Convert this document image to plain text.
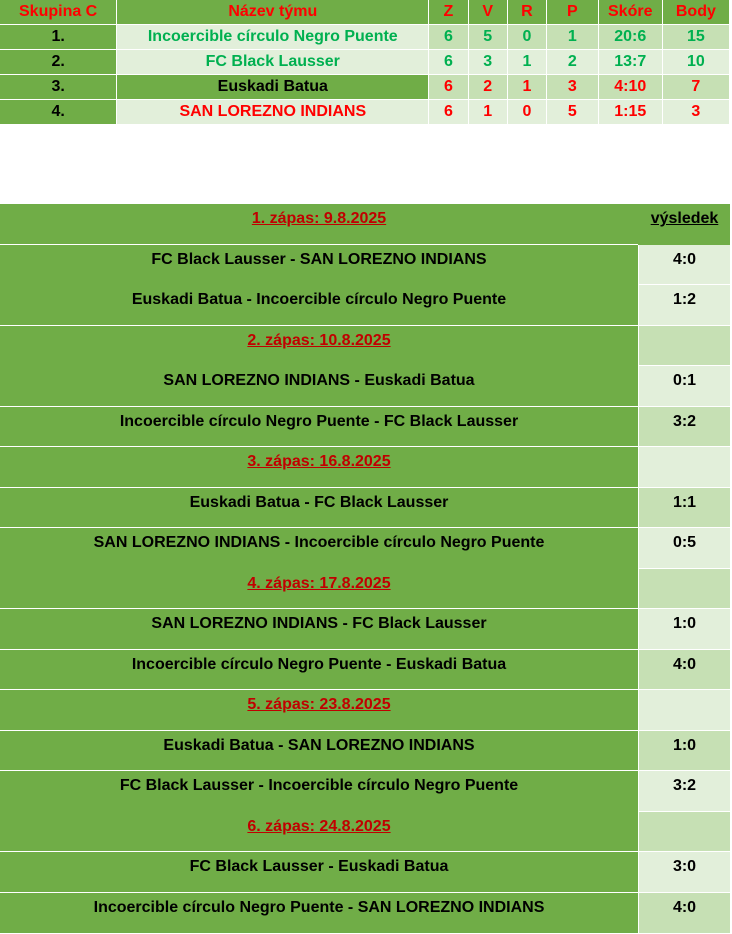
Skupina C	Název týmu	Z	V	R	P	Skóre	Body
1.	Incoercible círculo Negro Puente	6	5	0	1	20:6	15
2.	FC Black Lausser	6	3	1	2	13:7	10
3.	Euskadi Batua	6	2	1	3	4:10	7
4.	SAN LOREZNO INDIANS	6	1	0	5	1:15	3
1. zápas: 9.8.2025	výsledek
FC Black Lausser - SAN LOREZNO INDIANS	4:0
Euskadi Batua - Incoercible círculo Negro Puente	1:2
2. zápas: 10.8.2025
SAN LOREZNO INDIANS - Euskadi Batua	0:1
Incoercible círculo Negro Puente - FC Black Lausser	3:2
3. zápas: 16.8.2025
Euskadi Batua - FC Black Lausser	1:1
SAN LOREZNO INDIANS - Incoercible círculo Negro Puente	0:5
4. zápas: 17.8.2025
SAN LOREZNO INDIANS - FC Black Lausser	1:0
Incoercible círculo Negro Puente - Euskadi Batua	4:0
5. zápas: 23.8.2025
Euskadi Batua - SAN LOREZNO INDIANS	1:0
FC Black Lausser - Incoercible círculo Negro Puente	3:2
6. zápas: 24.8.2025
FC Black Lausser - Euskadi Batua	3:0
Incoercible círculo Negro Puente - SAN LOREZNO INDIANS	4:0
